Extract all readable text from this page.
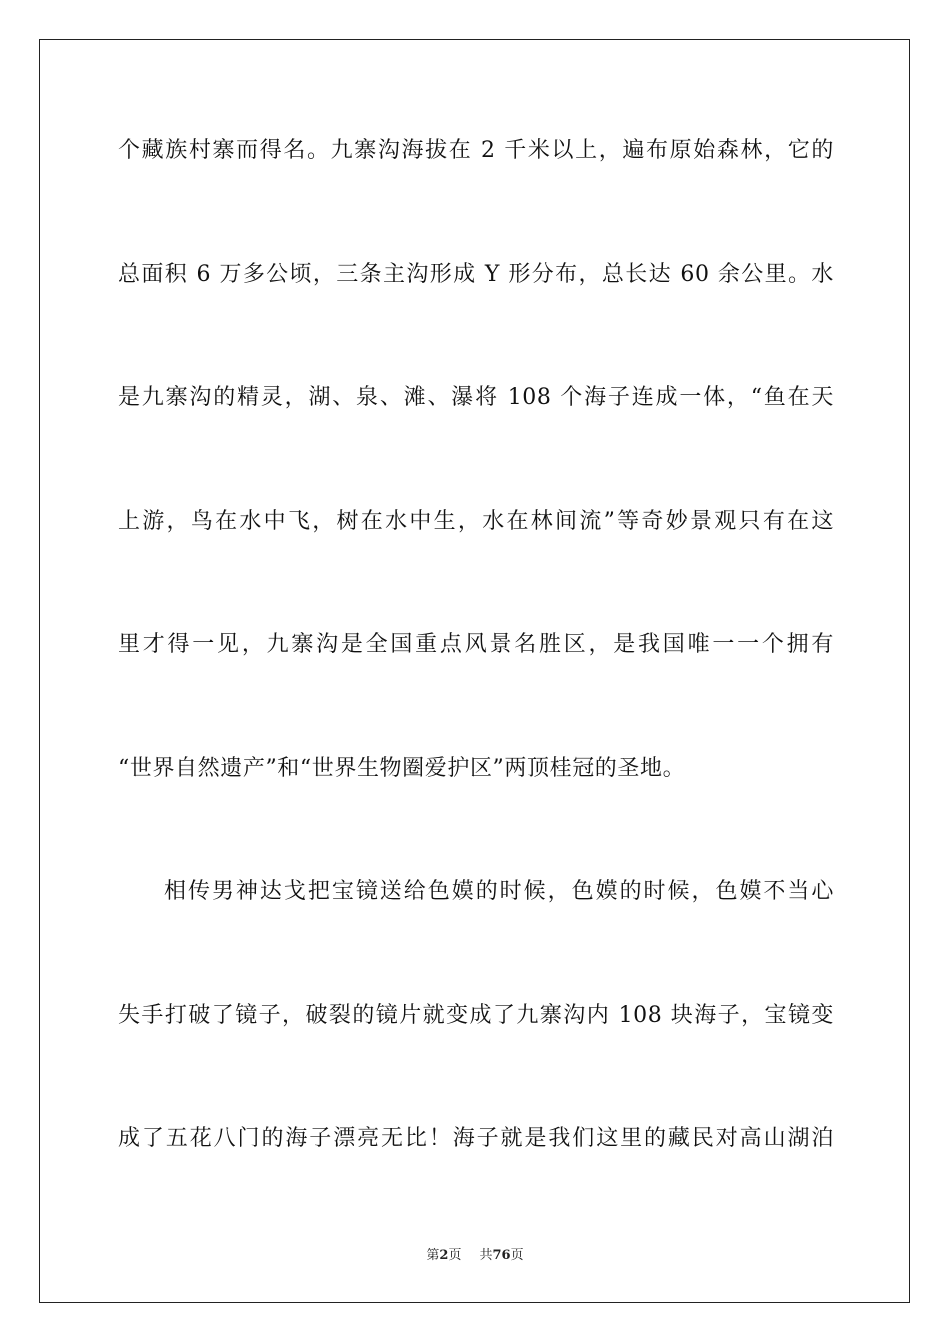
个藏族村寨而得名。九寨沟海拔在 2 千米以上，遍布原始森林，它的
总面积 6 万多公顷，三条主沟形成 Y 形分布，总长达 60 余公里。水
是九寨沟的精灵，湖、泉、滩、瀑将 108 个海子连成一体，“鱼在天
上游，鸟在水中飞，树在水中生，水在林间流”等奇妙景观只有在这
里才得一见，九寨沟是全国重点风景名胜区，是我国唯一一个拥有
“世界自然遗产”和“世界生物圈爱护区”两顶桂冠的圣地。
相传男神达戈把宝镜送给色嫫的时候，色嫫的时候，色嫫不当心
失手打破了镜子，破裂的镜片就变成了九寨沟内 108 块海子，宝镜变
成了五花八门的海子漂亮无比！海子就是我们这里的藏民对高山湖泊
第2页 共76页
